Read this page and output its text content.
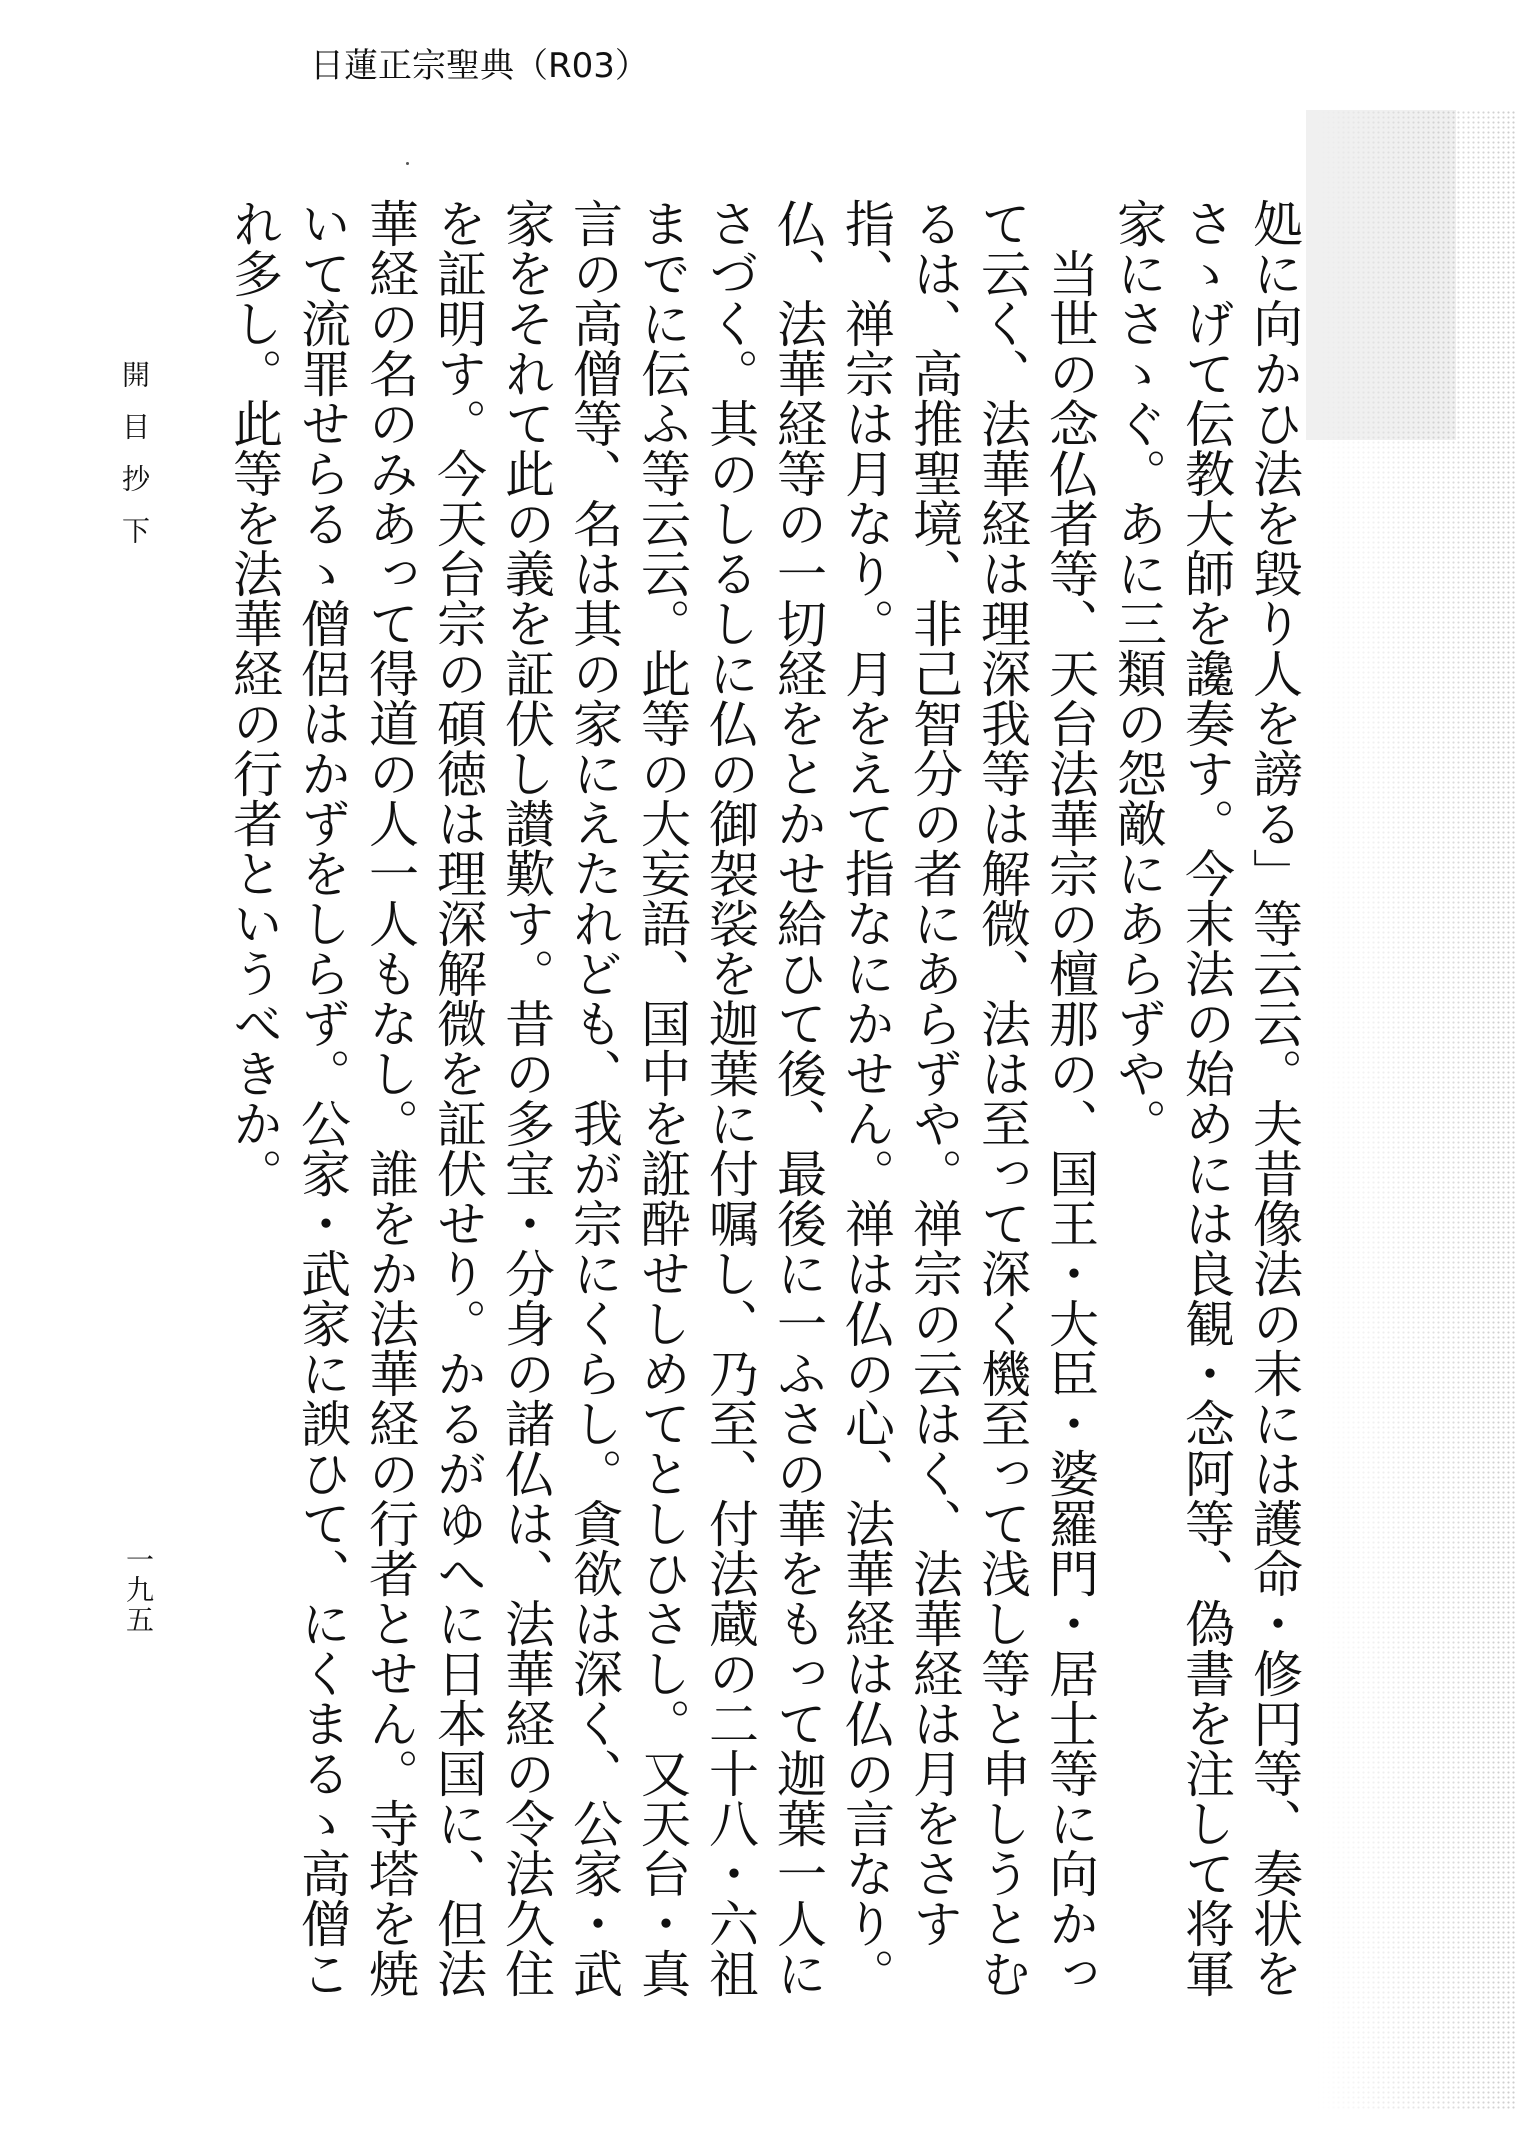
日蓮正宗聖典（R03）

処に向かひ法を毀り人を謗る」等云云。夫昔像法の末には護命・修円等、奏状をさゝげて伝教大師を讒奏す。今末法の始めには良観・念阿等、偽書を注して将軍家にさゝぐ。あに三類の怨敵にあらずや。

当世の念仏者等、天台法華宗の檀那の、国王・大臣・婆羅門・居士等に向かって云く、法華経は理深我等は解微、法は至って深く機至って浅し等と申しうとむるは、高推聖境、非己智分の者にあらずや。禅宗の云はく、法華経は月をさす指、禅宗は月なり。月をえて指なにかせん。禅は仏の心、法華経は仏の言なり。仏、法華経等の一切経をとかせ給ひて後、最後に一ふさの華をもって迦葉一人にさづく。其のしるしに仏の御袈裟を迦葉に付嘱し、乃至、付法蔵の二十八・六祖までに伝ふ等云云。此等の大妄語、国中を誑酔せしめてとしひさし。又天台・真言の高僧等、名は其の家にえたれども、我が宗にくらし。貪欲は深く、公家・武家をそれて此の義を証伏し讃歎す。昔の多宝・分身の諸仏は、法華経の令法久住を証明す。今天台宗の碩徳は理深解微を証伏せり。かるがゆへに日本国に、但法華経の名のみあって得道の人一人もなし。誰をか法華経の行者とせん。寺塔を焼いて流罪せらるゝ僧侶はかずをしらず。公家・武家に諛ひて、にくまるゝ高僧これ多し。此等を法華経の行者というべきか。

開目抄下
一九五
